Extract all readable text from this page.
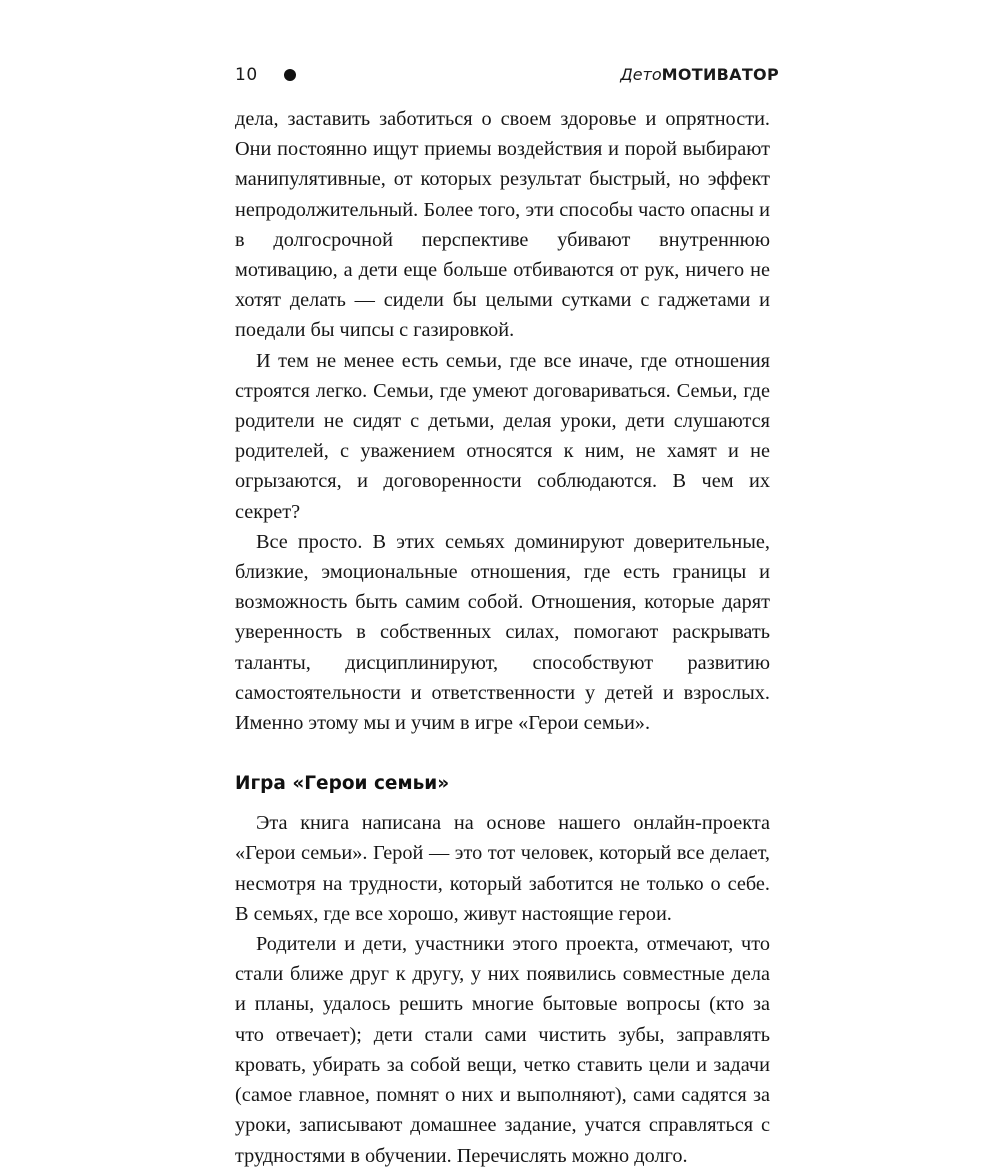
10	ДетоМОТИВАТОР

дела, заставить заботиться о своем здоровье и опрятности. Они постоянно ищут приемы воздействия и порой выбирают манипулятивные, от которых результат быстрый, но эффект непродолжительный. Более того, эти способы часто опасны и в долгосрочной перспективе убивают внутреннюю мотивацию, а дети еще больше отбиваются от рук, ничего не хотят делать — сидели бы целыми сутками с гаджетами и поедали бы чипсы с газировкой.

И тем не менее есть семьи, где все иначе, где отношения строятся легко. Семьи, где умеют договариваться. Семьи, где родители не сидят с детьми, делая уроки, дети слушаются родителей, с уважением относятся к ним, не хамят и не огрызаются, и договоренности соблюдаются. В чем их секрет?

Все просто. В этих семьях доминируют доверительные, близкие, эмоциональные отношения, где есть границы и возможность быть самим собой. Отношения, которые дарят уверенность в собственных силах, помогают раскрывать таланты, дисциплинируют, способствуют развитию самостоятельности и ответственности у детей и взрослых. Именно этому мы и учим в игре «Герои семьи».

Игра «Герои семьи»

Эта книга написана на основе нашего онлайн-проекта «Герои семьи». Герой — это тот человек, который все делает, несмотря на трудности, который заботится не только о себе. В семьях, где все хорошо, живут настоящие герои.

Родители и дети, участники этого проекта, отмечают, что стали ближе друг к другу, у них появились совместные дела и планы, удалось решить многие бытовые вопросы (кто за что отвечает); дети стали сами чистить зубы, заправлять кровать, убирать за собой вещи, четко ставить цели и задачи (самое главное, помнят о них и выполняют), сами садятся за уроки, записывают домашнее задание, учатся справляться с трудностями в обучении. Перечислять можно долго.
